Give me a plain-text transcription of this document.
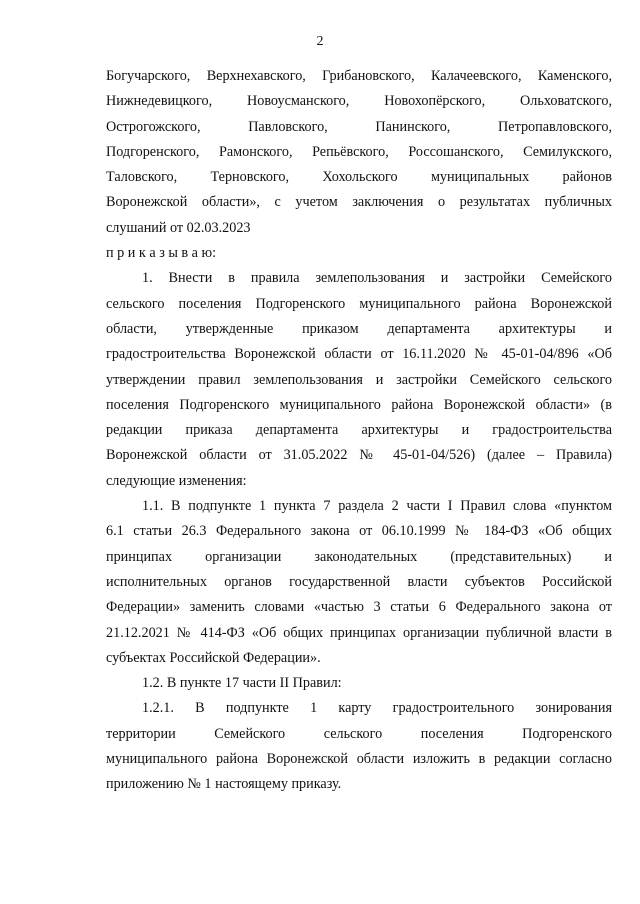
2
Богучарского, Верхнехавского, Грибановского, Калачеевского, Каменского,
Нижнедевицкого, Новоусманского, Новохопёрского, Ольховатского,
Острогожского, Павловского, Панинского, Петропавловского,
Подгоренского, Рамонского, Репьёвского, Россошанского, Семилукского,
Таловского, Терновского, Хохольского муниципальных районов
Воронежской области», с учетом заключения о результатах публичных
слушаний от 02.03.2023
п р и к а з ы в а ю:
1. Внести в правила землепользования и застройки Семейского
сельского поселения Подгоренского муниципального района Воронежской
области, утвержденные приказом департамента архитектуры и
градостроительства Воронежской области от 16.11.2020 № 45-01-04/896 «Об
утверждении правил землепользования и застройки Семейского сельского
поселения Подгоренского муниципального района Воронежской области» (в
редакции приказа департамента архитектуры и градостроительства
Воронежской области от 31.05.2022 № 45-01-04/526) (далее – Правила)
следующие изменения:
1.1. В подпункте 1 пункта 7 раздела 2 части I Правил слова «пунктом
6.1 статьи 26.3 Федерального закона от 06.10.1999 № 184-ФЗ «Об общих
принципах организации законодательных (представительных) и
исполнительных органов государственной власти субъектов Российской
Федерации» заменить словами «частью 3 статьи 6 Федерального закона от
21.12.2021 № 414-ФЗ «Об общих принципах организации публичной власти в
субъектах Российской Федерации».
1.2. В пункте 17 части II Правил:
1.2.1. В подпункте 1 карту градостроительного зонирования
территории Семейского сельского поселения Подгоренского
муниципального района Воронежской области изложить в редакции согласно
приложению № 1 настоящему приказу.
